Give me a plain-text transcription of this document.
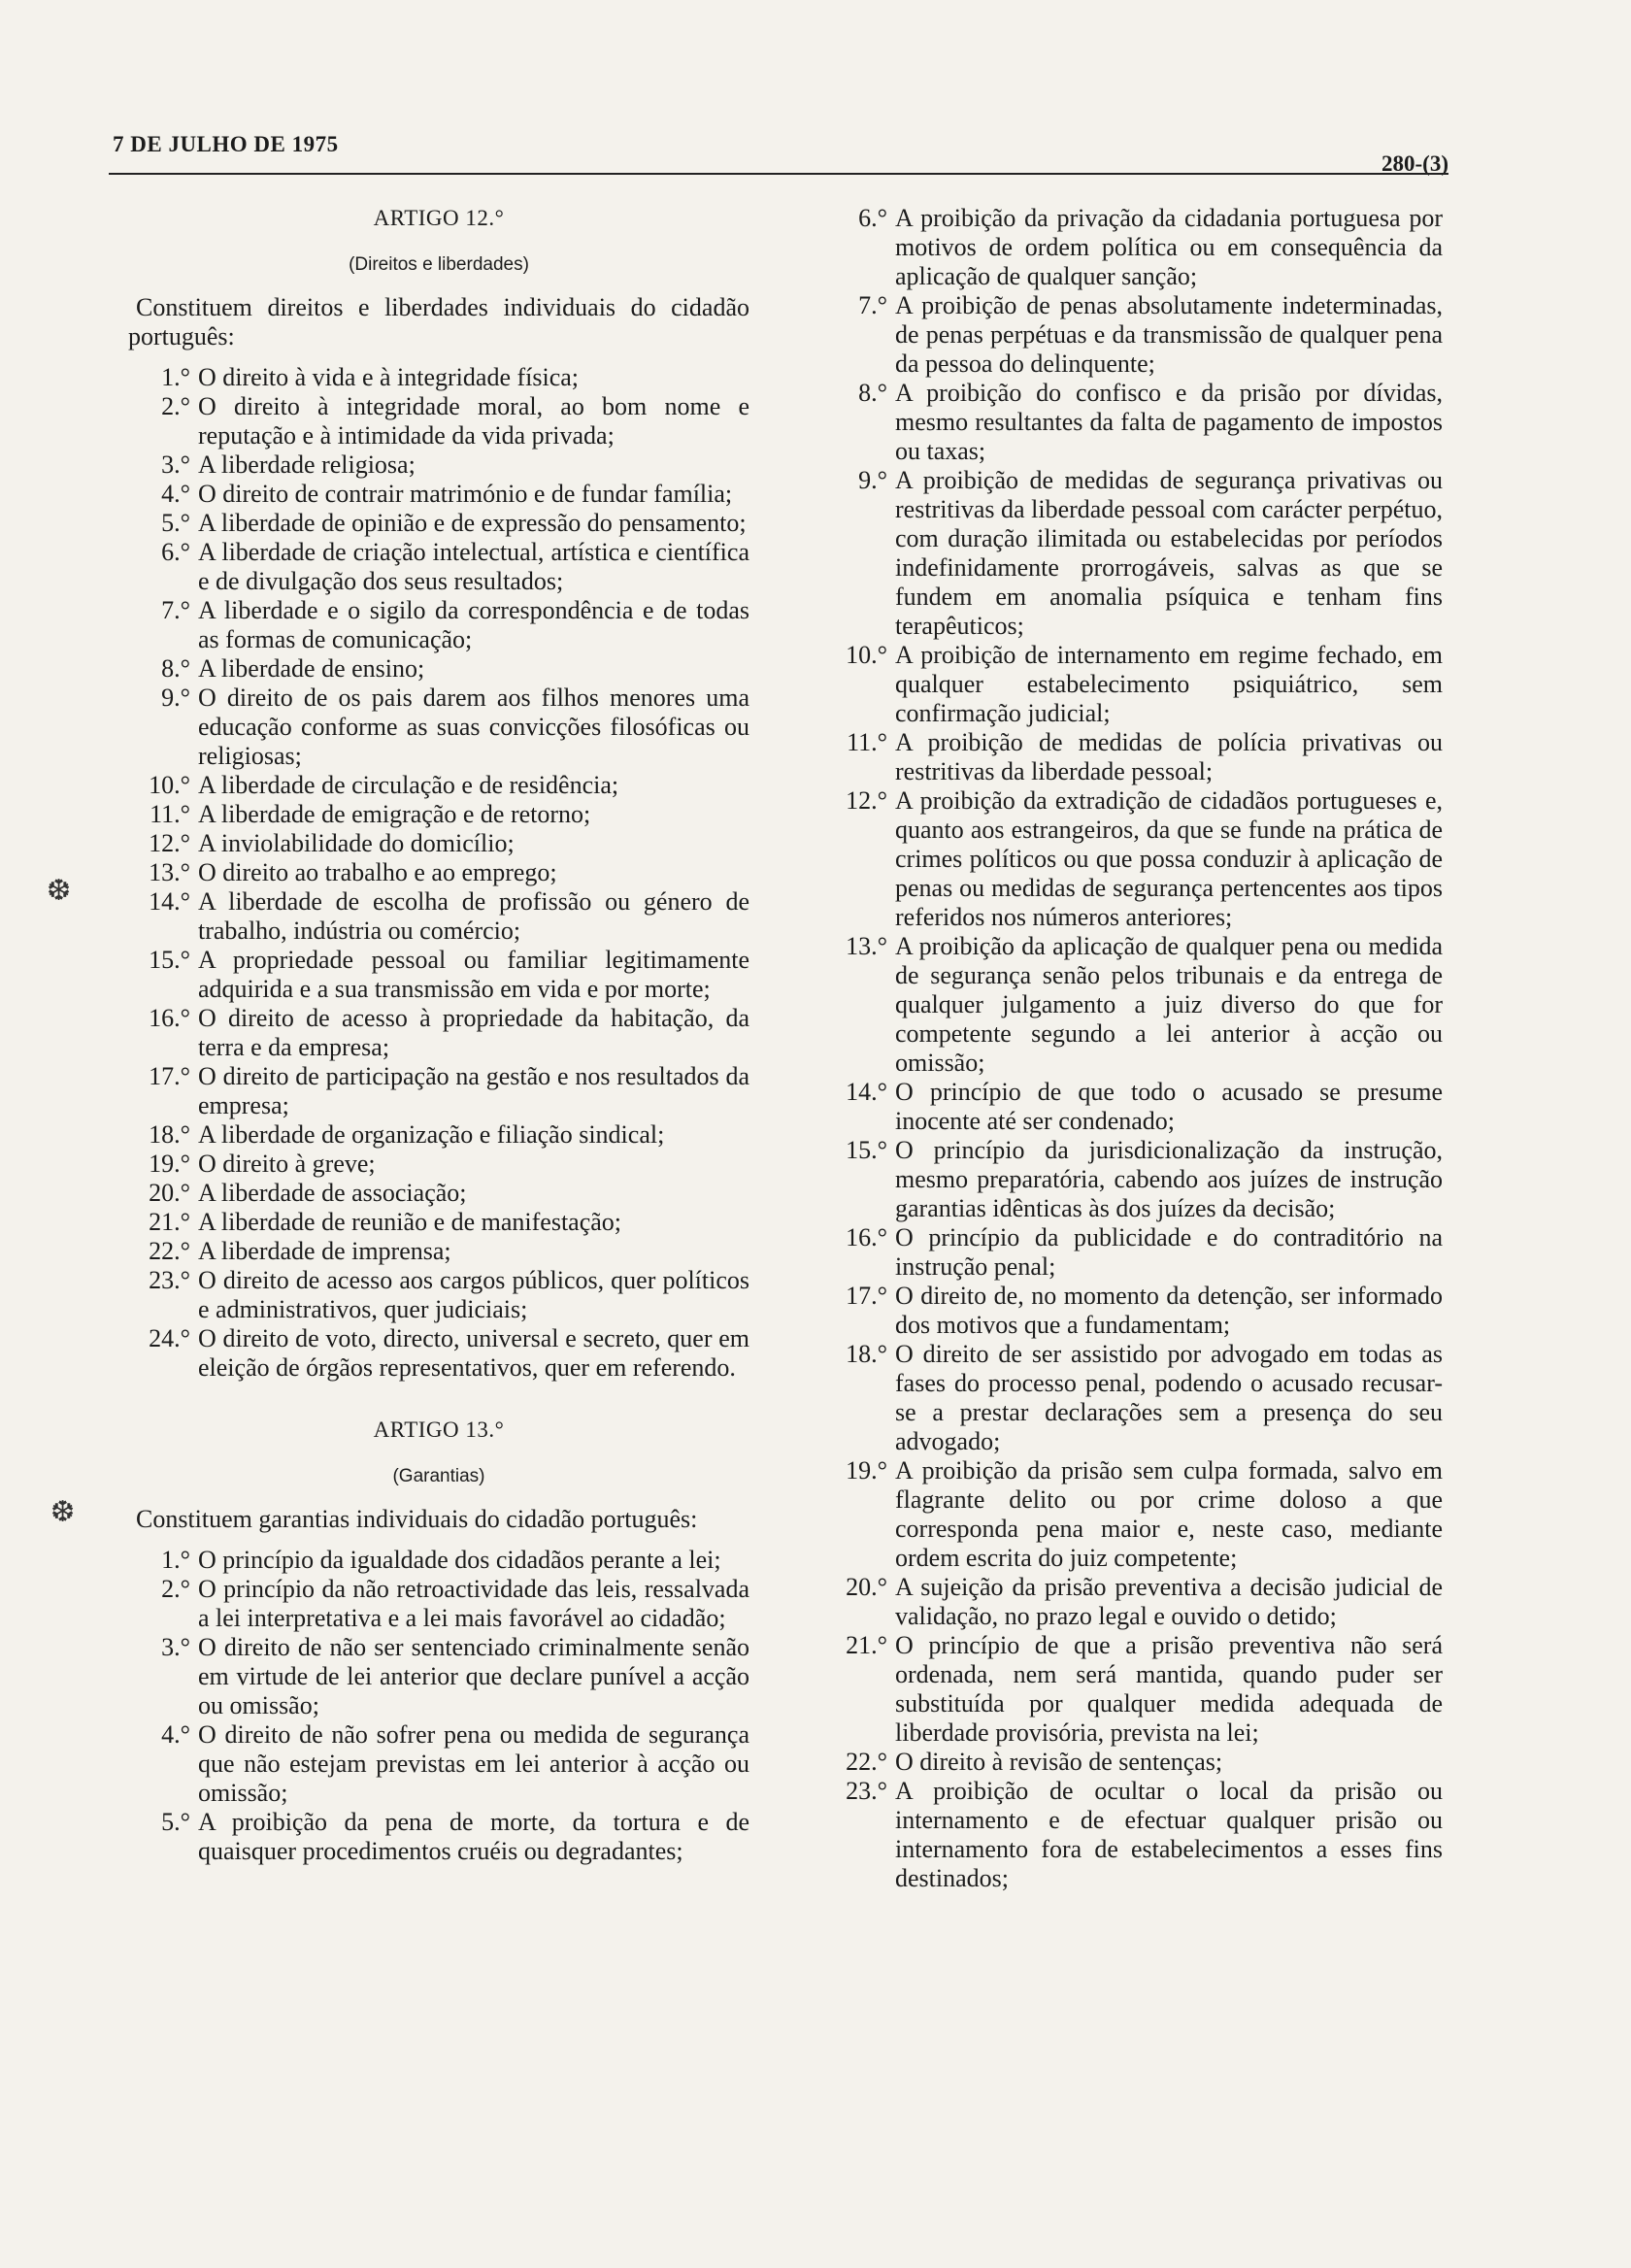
7 DE JULHO DE 1975
280-(3)
❆
❆
ARTIGO 12.°
(Direitos e liberdades)
Constituem direitos e liberdades individuais do cidadão português:
1.° O direito à vida e à integridade física;
2.° O direito à integridade moral, ao bom nome e reputação e à intimidade da vida privada;
3.° A liberdade religiosa;
4.° O direito de contrair matrimónio e de fundar família;
5.° A liberdade de opinião e de expressão do pensamento;
6.° A liberdade de criação intelectual, artística e científica e de divulgação dos seus resultados;
7.° A liberdade e o sigilo da correspondência e de todas as formas de comunicação;
8.° A liberdade de ensino;
9.° O direito de os pais darem aos filhos menores uma educação conforme as suas convicções filosóficas ou religiosas;
10.° A liberdade de circulação e de residência;
11.° A liberdade de emigração e de retorno;
12.° A inviolabilidade do domicílio;
13.° O direito ao trabalho e ao emprego;
14.° A liberdade de escolha de profissão ou género de trabalho, indústria ou comércio;
15.° A propriedade pessoal ou familiar legitimamente adquirida e a sua transmissão em vida e por morte;
16.° O direito de acesso à propriedade da habitação, da terra e da empresa;
17.° O direito de participação na gestão e nos resultados da empresa;
18.° A liberdade de organização e filiação sindical;
19.° O direito à greve;
20.° A liberdade de associação;
21.° A liberdade de reunião e de manifestação;
22.° A liberdade de imprensa;
23.° O direito de acesso aos cargos públicos, quer políticos e administrativos, quer judiciais;
24.° O direito de voto, directo, universal e secreto, quer em eleição de órgãos representativos, quer em referendo.
ARTIGO 13.°
(Garantias)
Constituem garantias individuais do cidadão português:
1.° O princípio da igualdade dos cidadãos perante a lei;
2.° O princípio da não retroactividade das leis, ressalvada a lei interpretativa e a lei mais favorável ao cidadão;
3.° O direito de não ser sentenciado criminalmente senão em virtude de lei anterior que declare punível a acção ou omissão;
4.° O direito de não sofrer pena ou medida de segurança que não estejam previstas em lei anterior à acção ou omissão;
5.° A proibição da pena de morte, da tortura e de quaisquer procedimentos cruéis ou degradantes;
6.° A proibição da privação da cidadania portuguesa por motivos de ordem política ou em consequência da aplicação de qualquer sanção;
7.° A proibição de penas absolutamente indeterminadas, de penas perpétuas e da transmissão de qualquer pena da pessoa do delinquente;
8.° A proibição do confisco e da prisão por dívidas, mesmo resultantes da falta de pagamento de impostos ou taxas;
9.° A proibição de medidas de segurança privativas ou restritivas da liberdade pessoal com carácter perpétuo, com duração ilimitada ou estabelecidas por períodos indefinidamente prorrogáveis, salvas as que se fundem em anomalia psíquica e tenham fins terapêuticos;
10.° A proibição de internamento em regime fechado, em qualquer estabelecimento psiquiátrico, sem confirmação judicial;
11.° A proibição de medidas de polícia privativas ou restritivas da liberdade pessoal;
12.° A proibição da extradição de cidadãos portugueses e, quanto aos estrangeiros, da que se funde na prática de crimes políticos ou que possa conduzir à aplicação de penas ou medidas de segurança pertencentes aos tipos referidos nos números anteriores;
13.° A proibição da aplicação de qualquer pena ou medida de segurança senão pelos tribunais e da entrega de qualquer julgamento a juiz diverso do que for competente segundo a lei anterior à acção ou omissão;
14.° O princípio de que todo o acusado se presume inocente até ser condenado;
15.° O princípio da jurisdicionalização da instrução, mesmo preparatória, cabendo aos juízes de instrução garantias idênticas às dos juízes da decisão;
16.° O princípio da publicidade e do contraditório na instrução penal;
17.° O direito de, no momento da detenção, ser informado dos motivos que a fundamentam;
18.° O direito de ser assistido por advogado em todas as fases do processo penal, podendo o acusado recusar-se a prestar declarações sem a presença do seu advogado;
19.° A proibição da prisão sem culpa formada, salvo em flagrante delito ou por crime doloso a que corresponda pena maior e, neste caso, mediante ordem escrita do juiz competente;
20.° A sujeição da prisão preventiva a decisão judicial de validação, no prazo legal e ouvido o detido;
21.° O princípio de que a prisão preventiva não será ordenada, nem será mantida, quando puder ser substituída por qualquer medida adequada de liberdade provisória, prevista na lei;
22.° O direito à revisão de sentenças;
23.° A proibição de ocultar o local da prisão ou internamento e de efectuar qualquer prisão ou internamento fora de estabelecimentos a esses fins destinados;
